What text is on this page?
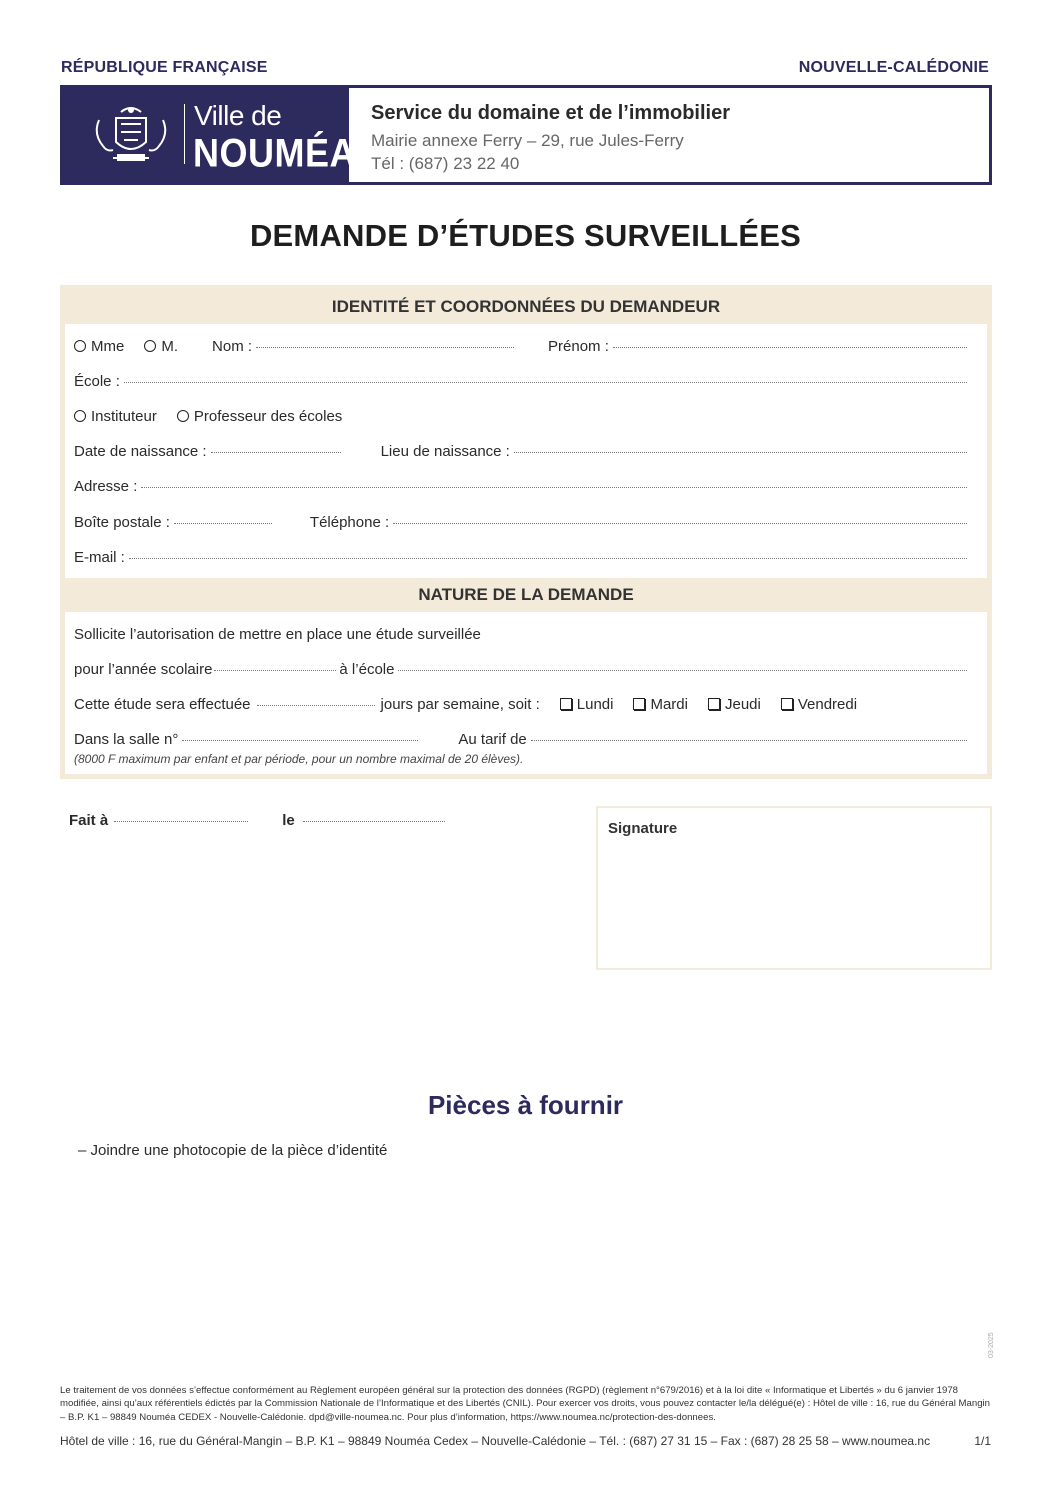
RÉPUBLIQUE FRANÇAISE	NOUVELLE-CALÉDONIE
Ville de
NOUMÉA
Service du domaine et de l’immobilier
Mairie annexe Ferry – 29, rue Jules-Ferry
Tél : (687) 23 22 40
DEMANDE D’ÉTUDES SURVEILLÉES
IDENTITÉ ET COORDONNÉES DU DEMANDEUR
Mme	M. Nom :	Prénom :
École :
Instituteur	Professeur des écoles
Date de naissance :	Lieu de naissance :
Adresse :
Boîte postale :	Téléphone :
E-mail :
NATURE DE LA DEMANDE
Sollicite l’autorisation de mettre en place une étude surveillée
pour l’année scolaire	à l’école
Cette étude sera effectuée	jours par semaine, soit :	Lundi	Mardi	Jeudi	Vendredi
Dans la salle n°	Au tarif de
(8000 F maximum par enfant et par période, pour un nombre maximal de 20 élèves).
Fait à	le	Signature
Pièces à fournir
– Joindre une photocopie de la pièce d’identité
03-2025
Le traitement de vos données s’effectue conformément au Règlement européen général sur la protection des données (RGPD) (règlement n°679/2016) et à la loi dite « Informatique et Libertés » du 6 janvier 1978 modifiée, ainsi qu’aux référentiels édictés par la Commission Nationale de l’Informatique et des Libertés (CNIL). Pour exercer vos droits, vous pouvez contacter le/la délégué(e) : Hôtel de ville : 16, rue du Général Mangin – B.P. K1 – 98849 Nouméa CEDEX - Nouvelle-Calédonie. dpd@ville-noumea.nc. Pour plus d’information, https://www.noumea.nc/protection-des-donnees.
Hôtel de ville : 16, rue du Général-Mangin – B.P. K1 – 98849 Nouméa Cedex – Nouvelle-Calédonie – Tél. : (687) 27 31 15 – Fax : (687) 28 25 58 – www.noumea.nc	1/1
